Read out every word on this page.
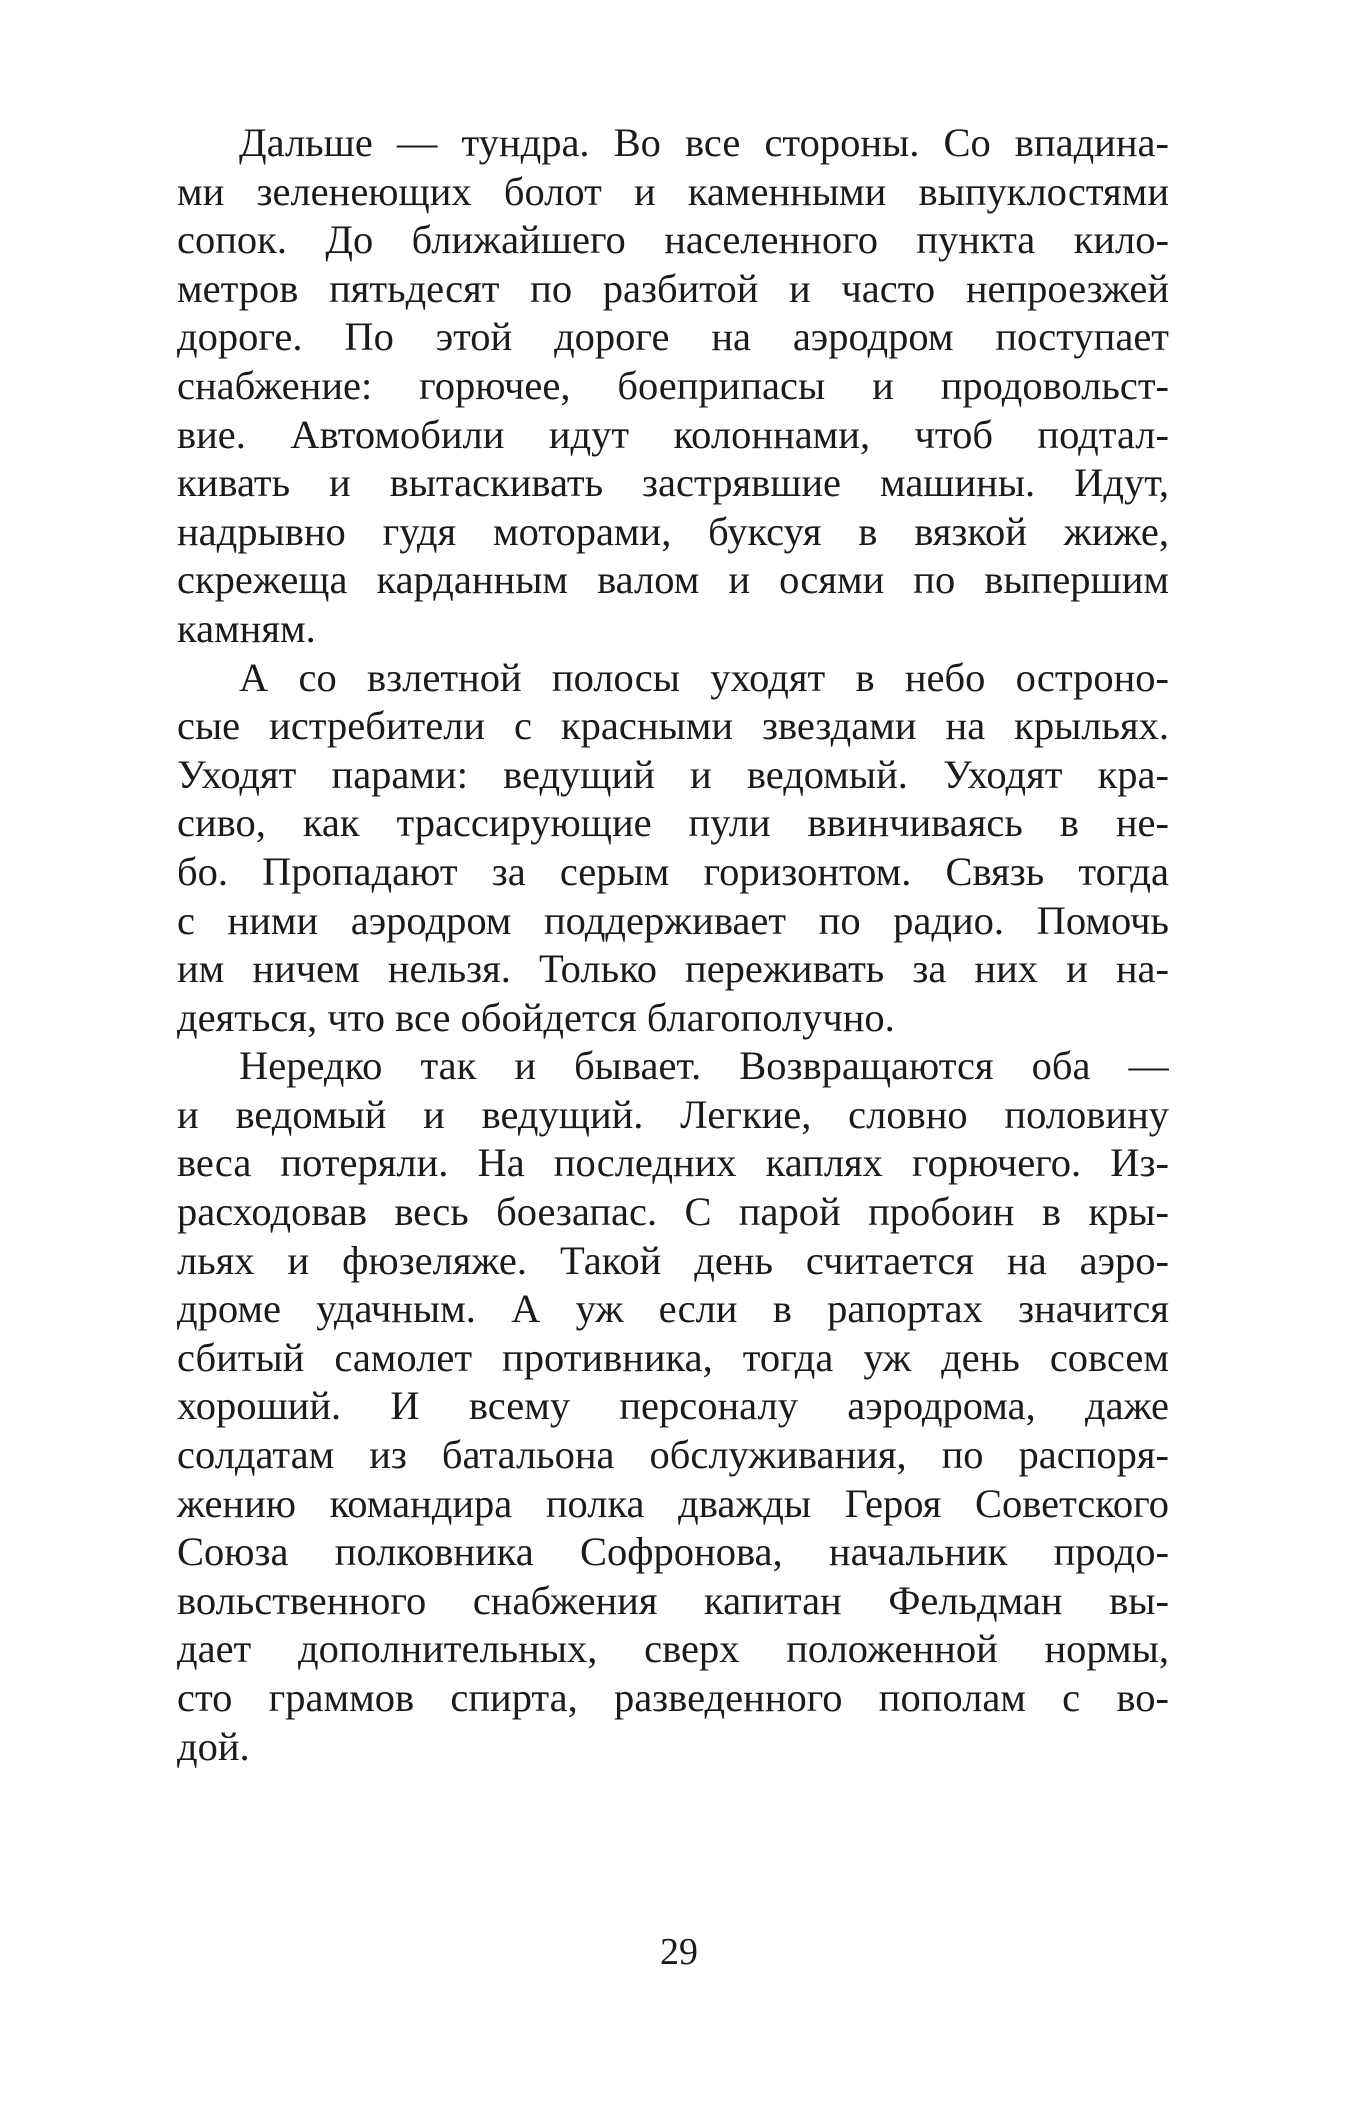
Дальше — тундра. Во все стороны. Со впадина-
ми зеленеющих болот и каменными выпуклостями
сопок. До ближайшего населенного пункта кило-
метров пятьдесят по разбитой и часто непроезжей
дороге. По этой дороге на аэродром поступает
снабжение: горючее, боеприпасы и продовольст-
вие. Автомобили идут колоннами, чтоб подтал-
кивать и вытаскивать застрявшие машины. Идут,
надрывно гудя моторами, буксуя в вязкой жиже,
скрежеща карданным валом и осями по выпершим
камням.

А со взлетной полосы уходят в небо остроно-
сые истребители с красными звездами на крыльях.
Уходят парами: ведущий и ведомый. Уходят кра-
сиво, как трассирующие пули ввинчиваясь в не-
бо. Пропадают за серым горизонтом. Связь тогда
с ними аэродром поддерживает по радио. Помочь
им ничем нельзя. Только переживать за них и на-
деяться, что все обойдется благополучно.

Нередко так и бывает. Возвращаются оба —
и ведомый и ведущий. Легкие, словно половину
веса потеряли. На последних каплях горючего. Из-
расходовав весь боезапас. С парой пробоин в кры-
льях и фюзеляже. Такой день считается на аэро-
дроме удачным. А уж если в рапортах значится
сбитый самолет противника, тогда уж день совсем
хороший. И всему персоналу аэродрома, даже
солдатам из батальона обслуживания, по распоря-
жению командира полка дважды Героя Советского
Союза полковника Софронова, начальник продо-
вольственного снабжения капитан Фельдман вы-
дает дополнительных, сверх положенной нормы,
сто граммов спирта, разведенного пополам с во-
дой.

29
